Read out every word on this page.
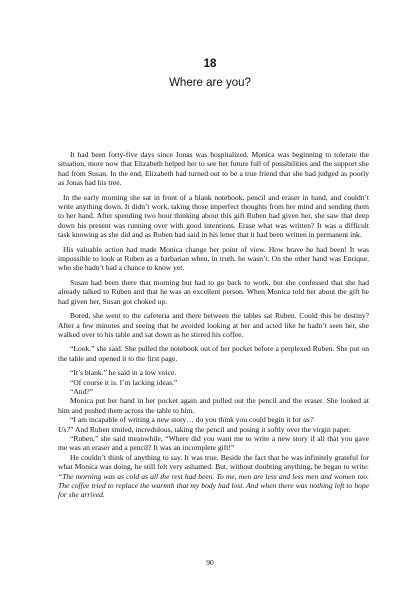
18
Where are you?

It had been forty-five days since Jonas was hospitalized. Monica was beginning to tolerate the situation, more now that Elizabeth helped her to see her future full of possibilities and the support she had from Susan. In the end, Elizabeth had turned out to be a true friend that she had judged as poorly as Jonas had his tree.

In the early morning she sat in front of a blank notebook, pencil and eraser in hand, and couldn’t write anything down. It didn’t work, taking those imperfect thoughts from her mind and sending them to her hand. After spending two hour thinking about this gift Ruben had given her, she saw that deep down his present was running over with good intentions. Erase what was written? It was a difficult task knowing as she did and as Ruben had said in his letter that it had been written in permanent ink.

His valuable action had made Monica change her point of view. How brave he had been! It was impossible to look at Ruben as a barbarian when, in truth, he wasn’t. On the other hand was Enrique, who she hadn’t had a chance to know yet.

Susan had been there that morning but had to go back to work, but she confessed that she had already talked to Ruben and that he was an excellent person. When Monica told her about the gift he had given her, Susan got choked up.

Bored, she went to the cafeteria and there between the tables sat Ruben. Could this be destiny? After a few minutes and seeing that he avoided looking at her and acted like he hadn’t seen her, she walked over to his table and sat down as he stirred his coffee.

“Look.” she said. She pulled the notebook out of her pocket before a perplexed Ruben. She put on the table and opened it to the first page.

“It’s blank.” he said in a low voice.

“Of course it is. I’m lacking ideas.”

“And?”

Monica put her hand in her pocket again and pulled out the pencil and the eraser. She looked at him and pushed them across the table to him.

“I am incapable of writing a new story… do you think you could begin it for us?

Us?” And Ruben smiled, incredulous, taking the pencil and posing it softly over the virgin paper.

“Ruben,” she said meanwhile, “Where did you want me to write a new story if all that you gave me was an eraser and a pencil? It was an incomplete gift!”

He couldn’t think of anything to say. It was true. Beside the fact that he was infinitely grateful for what Monica was doing, he still felt very ashamed. But, without doubting anything, he began to write: “The morning was as cold as all the rest had been. To me, men are less and less men and women too. The coffee tried to replace the warmth that my body had lost. And when there was nothing left to hope for she arrived.

90
